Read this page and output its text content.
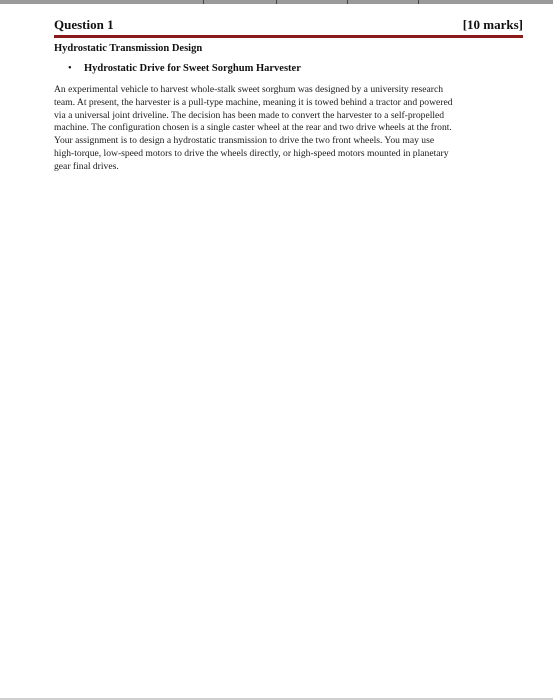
Question 1	[10 marks]
Hydrostatic Transmission Design
• Hydrostatic Drive for Sweet Sorghum Harvester
An experimental vehicle to harvest whole-stalk sweet sorghum was designed by a university research
team. At present, the harvester is a pull-type machine, meaning it is towed behind a tractor and powered
via a universal joint driveline. The decision has been made to convert the harvester to a self-propelled
machine. The configuration chosen is a single caster wheel at the rear and two drive wheels at the front.
Your assignment is to design a hydrostatic transmission to drive the two front wheels. You may use
high-torque, low-speed motors to drive the wheels directly, or high-speed motors mounted in planetary
gear final drives.
